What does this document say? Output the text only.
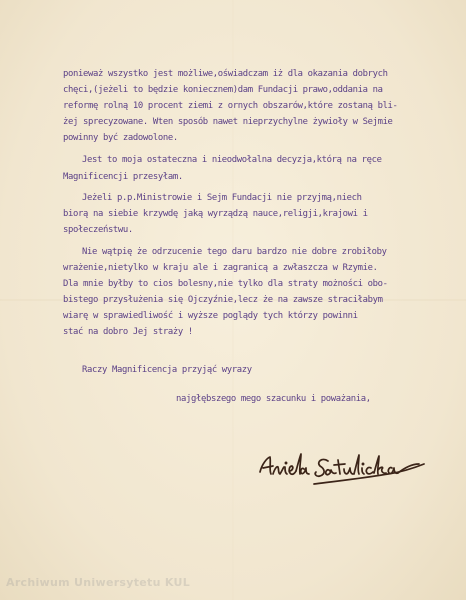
ponieważ wszystko jest możliwe,oświadczam iż dla okazania dobrych
chęci,(jeżeli to będzie koniecznem)dam Fundacji prawo,oddania na
reformę rolną 10 procent ziemi z ornych obszarów,które zostaną bli-
żej sprecyzowane. Wten sposób nawet nieprzychylne żywioły w Sejmie
powinny być zadowolone.
Jest to moja ostateczna i nieodwołalna decyzja,którą na ręce
Magnificencji przesyłam.
Jeżeli p.p.Ministrowie i Sejm Fundacji nie przyjmą,niech
biorą na siebie krzywdę jaką wyrządzą nauce,religji,krajowi i
społeczeństwu.
Nie wątpię że odrzucenie tego daru bardzo nie dobre zrobiłoby
wrażenie,nietylko w kraju ale i zagranicą a zwłaszcza w Rzymie.
Dla mnie byłby to cios bolesny,nie tylko dla straty możności obo-
bistego przysłużenia się Ojczyźnie,lecz że na zawsze straciłabym
wiarę w sprawiedliwość i wyższe poglądy tych którzy powinni
stać na dobro Jej straży !
Raczy Magnificencja przyjąć wyrazy
najgłębszego mego szacunku i poważania,
Archiwum Uniwersytetu KUL
